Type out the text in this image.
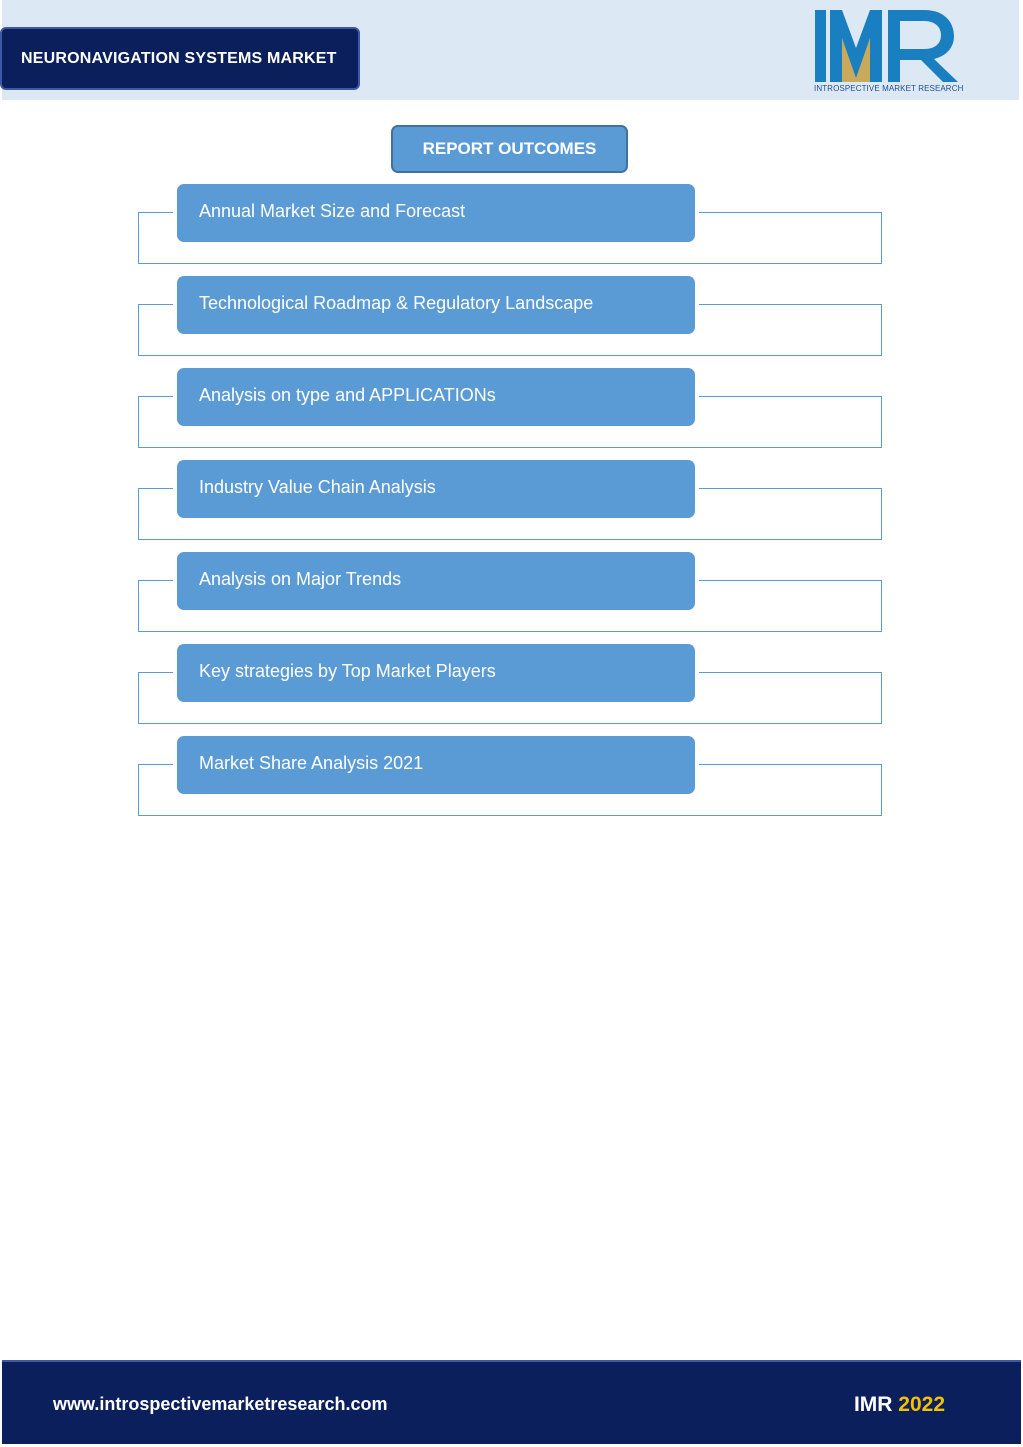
NEURONAVIGATION SYSTEMS MARKET
INTROSPECTIVE MARKET RESEARCH
REPORT OUTCOMES
Annual Market Size and Forecast
Technological Roadmap & Regulatory Landscape
Analysis on type and APPLICATIONs
Industry Value Chain Analysis
Analysis on Major Trends
Key strategies by Top Market Players
Market Share Analysis 2021
www.introspectivemarketresearch.com	IMR 2022
